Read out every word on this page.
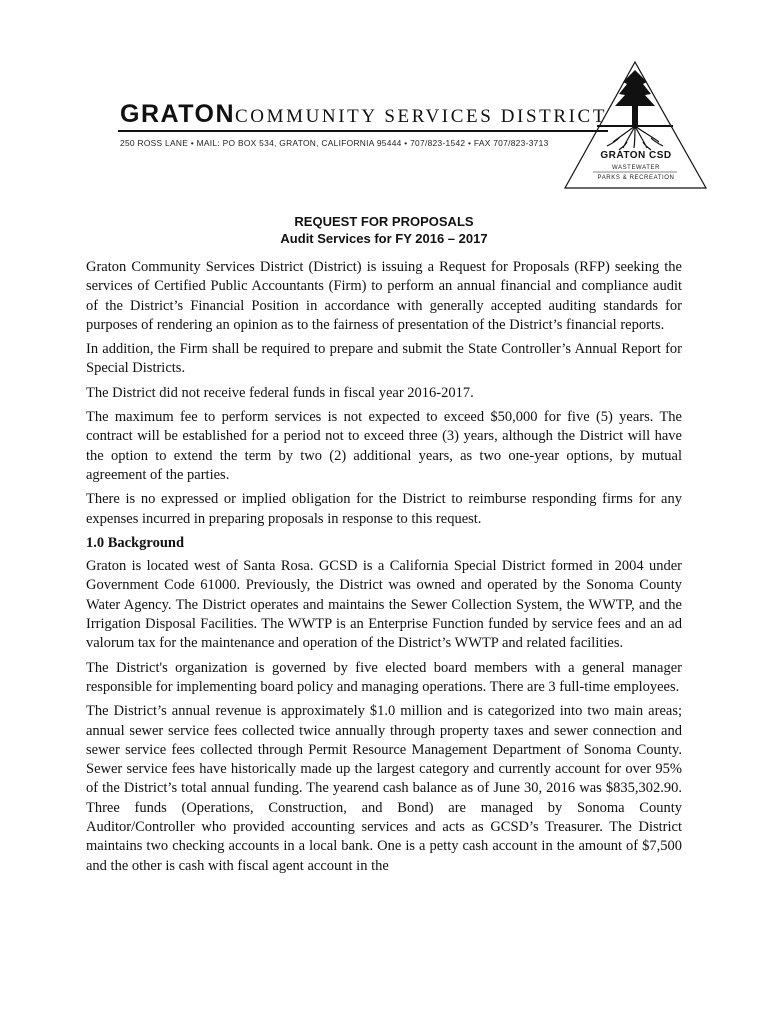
GRATONCOMMUNITY SERVICES DISTRICT
250 ROSS LANE • MAIL: PO BOX 534, GRATON, CALIFORNIA 95444 • 707/823-1542 • FAX 707/823-3713
GRATON CSD
WASTEWATER
PARKS & RECREATION
REQUEST FOR PROPOSALS
Audit Services for FY 2016 – 2017

Graton Community Services District (District) is issuing a Request for Proposals (RFP) seeking the services of Certified Public Accountants (Firm) to perform an annual financial and compliance audit of the District’s Financial Position in accordance with generally accepted auditing standards for purposes of rendering an opinion as to the fairness of presentation of the District’s financial reports.

In addition, the Firm shall be required to prepare and submit the State Controller’s Annual Report for Special Districts.

The District did not receive federal funds in fiscal year 2016-2017.

The maximum fee to perform services is not expected to exceed $50,000 for five (5) years. The contract will be established for a period not to exceed three (3) years, although the District will have the option to extend the term by two (2) additional years, as two one-year options, by mutual agreement of the parties.

There is no expressed or implied obligation for the District to reimburse responding firms for any expenses incurred in preparing proposals in response to this request.

1.0 Background

Graton is located west of Santa Rosa. GCSD is a California Special District formed in 2004 under Government Code 61000. Previously, the District was owned and operated by the Sonoma County Water Agency. The District operates and maintains the Sewer Collection System, the WWTP, and the Irrigation Disposal Facilities. The WWTP is an Enterprise Function funded by service fees and an ad valorum tax for the maintenance and operation of the District’s WWTP and related facilities.

The District's organization is governed by five elected board members with a general manager responsible for implementing board policy and managing operations. There are 3 full-time employees.

The District’s annual revenue is approximately $1.0 million and is categorized into two main areas; annual sewer service fees collected twice annually through property taxes and sewer connection and sewer service fees collected through Permit Resource Management Department of Sonoma County. Sewer service fees have historically made up the largest category and currently account for over 95% of the District’s total annual funding. The yearend cash balance as of June 30, 2016 was $835,302.90. Three funds (Operations, Construction, and Bond) are managed by Sonoma County Auditor/Controller who provided accounting services and acts as GCSD’s Treasurer. The District maintains two checking accounts in a local bank. One is a petty cash account in the amount of $7,500 and the other is cash with fiscal agent account in the
